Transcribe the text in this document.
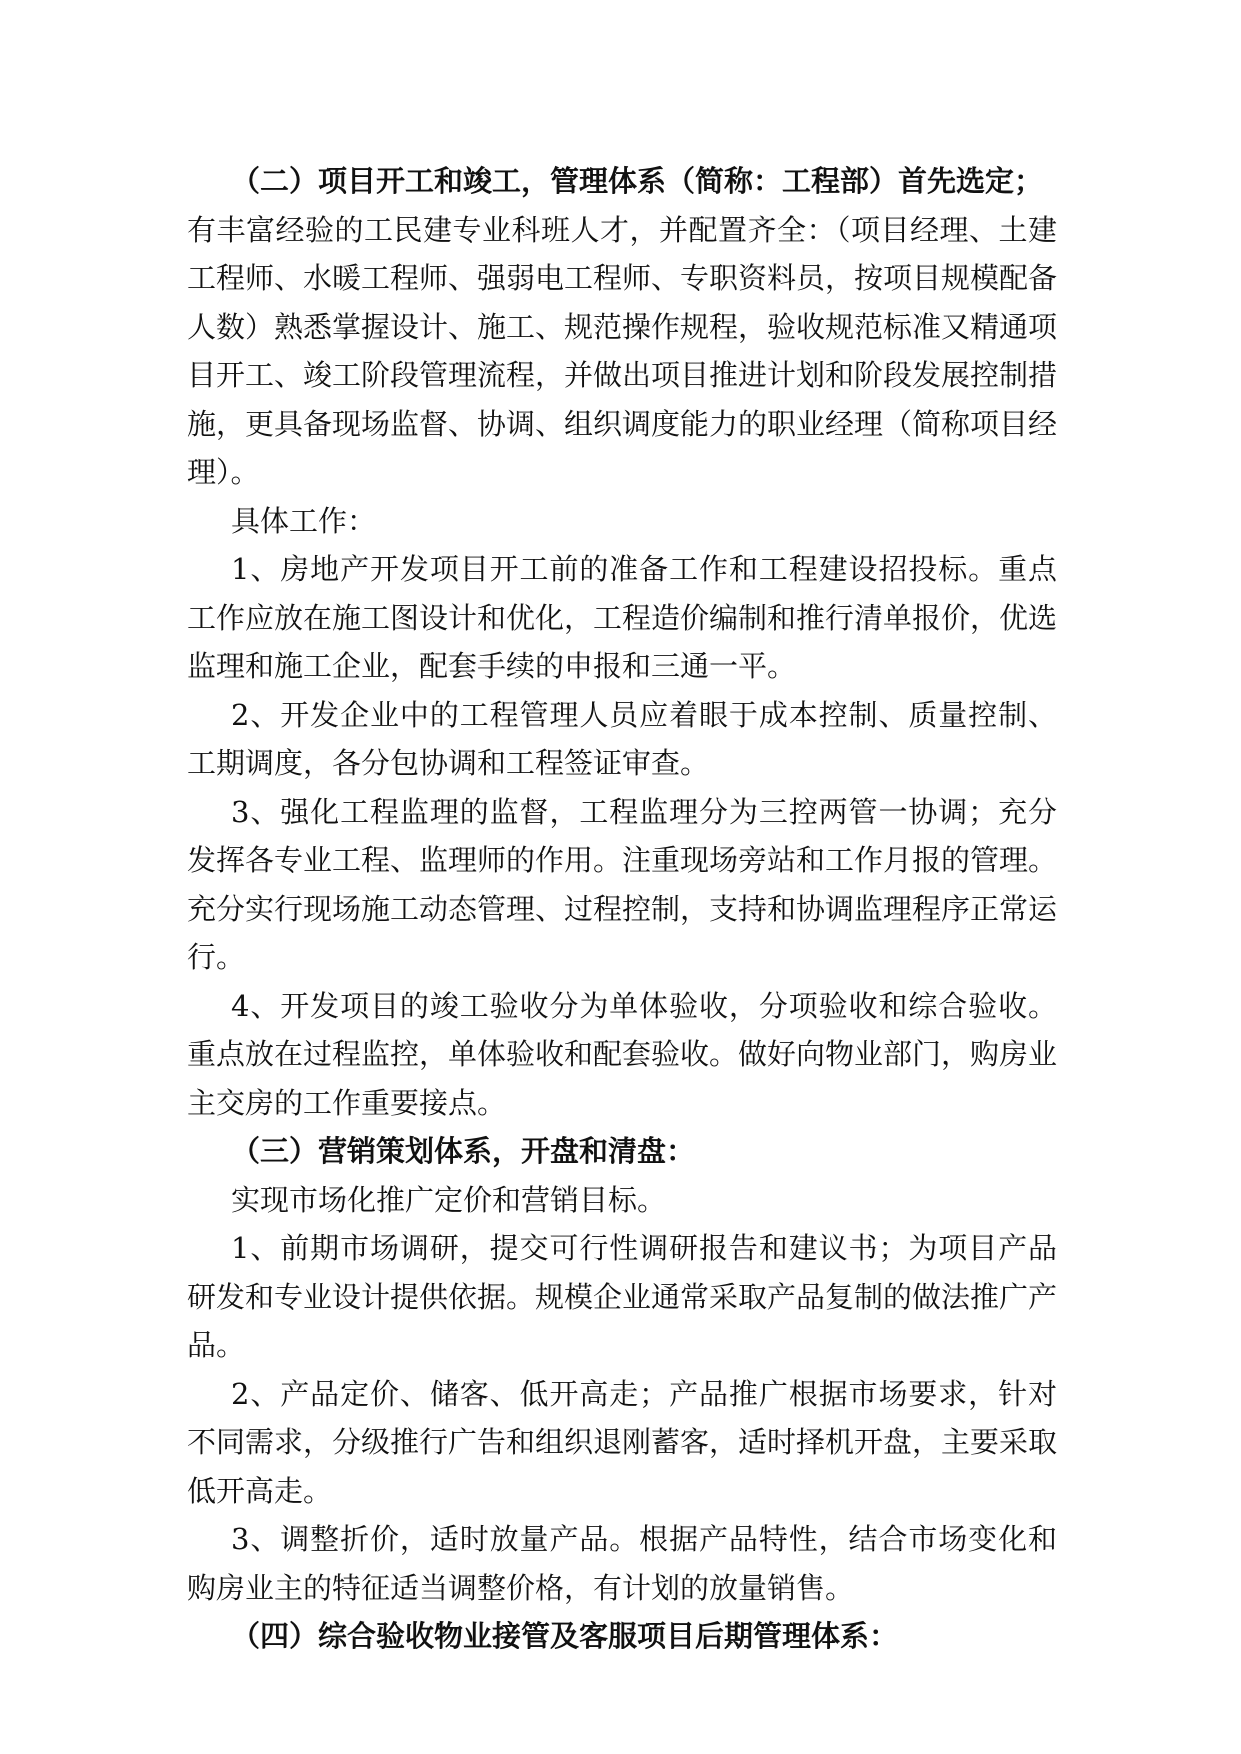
（二）项目开工和竣工，管理体系（简称：工程部）首先选定；

有丰富经验的工民建专业科班人才，并配置齐全：（项目经理、土建工程师、水暖工程师、强弱电工程师、专职资料员，按项目规模配备人数）熟悉掌握设计、施工、规范操作规程，验收规范标准又精通项目开工、竣工阶段管理流程，并做出项目推进计划和阶段发展控制措施，更具备现场监督、协调、组织调度能力的职业经理（简称项目经理）。

具体工作：

1、房地产开发项目开工前的准备工作和工程建设招投标。重点工作应放在施工图设计和优化，工程造价编制和推行清单报价，优选监理和施工企业，配套手续的申报和三通一平。

2、开发企业中的工程管理人员应着眼于成本控制、质量控制、工期调度，各分包协调和工程签证审查。

3、强化工程监理的监督，工程监理分为三控两管一协调；充分发挥各专业工程、监理师的作用。注重现场旁站和工作月报的管理。充分实行现场施工动态管理、过程控制，支持和协调监理程序正常运行。

4、开发项目的竣工验收分为单体验收，分项验收和综合验收。重点放在过程监控，单体验收和配套验收。做好向物业部门，购房业主交房的工作重要接点。

（三）营销策划体系，开盘和清盘：

实现市场化推广定价和营销目标。

1、前期市场调研，提交可行性调研报告和建议书；为项目产品研发和专业设计提供依据。规模企业通常采取产品复制的做法推广产品。

2、产品定价、储客、低开高走；产品推广根据市场要求，针对不同需求，分级推行广告和组织退刚蓄客，适时择机开盘，主要采取低开高走。

3、调整折价，适时放量产品。根据产品特性，结合市场变化和购房业主的特征适当调整价格，有计划的放量销售。

（四）综合验收物业接管及客服项目后期管理体系：
